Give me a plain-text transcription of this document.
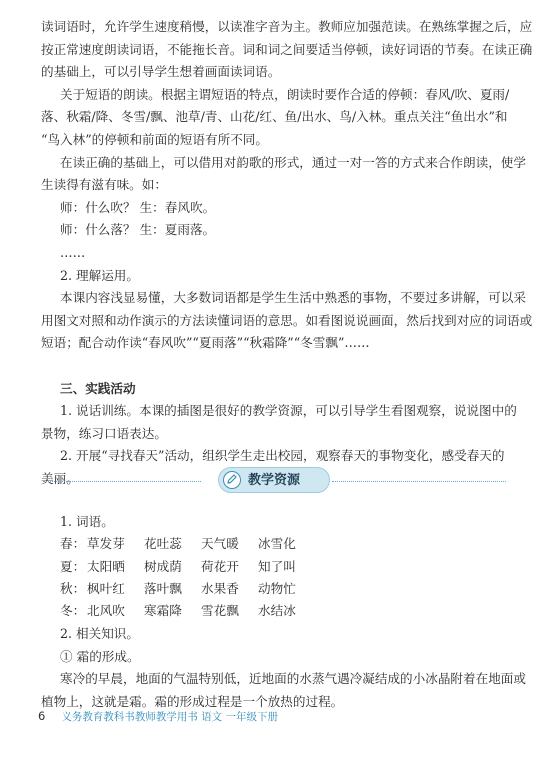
读词语时，允许学生速度稍慢，以读准字音为主。教师应加强范读。在熟练掌握之后，应

按正常速度朗读词语，不能拖长音。词和词之间要适当停顿，读好词语的节奏。在读正确

的基础上，可以引导学生想着画面读词语。

关于短语的朗读。根据主谓短语的特点，朗读时要作合适的停顿：春风/吹、夏雨/

落、秋霜/降、冬雪/飘、池草/青、山花/红、鱼/出水、鸟/入林。重点关注“鱼出水”和

“鸟入林”的停顿和前面的短语有所不同。

在读正确的基础上，可以借用对韵歌的形式，通过一对一答的方式来合作朗读，使学

生读得有滋有味。如：

师：什么吹？ 生：春风吹。

师：什么落？ 生：夏雨落。

……

2. 理解运用。

本课内容浅显易懂，大多数词语都是学生生活中熟悉的事物，不要过多讲解，可以采

用图文对照和动作演示的方法读懂词语的意思。如看图说说画面，然后找到对应的词语或

短语；配合动作读“春风吹”“夏雨落”“秋霜降”“冬雪飘”……

三、实践活动

1. 说话训练。本课的插图是很好的教学资源，可以引导学生看图观察，说说图中的

景物，练习口语表达。

2. 开展“寻找春天”活动，组织学生走出校园，观察春天的事物变化，感受春天的

美丽。	教学资源
1. 词语。
春： 草发芽	花吐蕊	天气暖	冰雪化
夏： 太阳晒	树成荫	荷花开	知了叫
秋： 枫叶红	落叶飘	水果香	动物忙
冬： 北风吹	寒霜降	雪花飘	水结冰

2. 相关知识。

① 霜的形成。

寒冷的早晨，地面的气温特别低，近地面的水蒸气遇冷凝结成的小冰晶附着在地面或

植物上，这就是霜。霜的形成过程是一个放热的过程。

6 义务教育教科书教师教学用书 语文 一年级下册
